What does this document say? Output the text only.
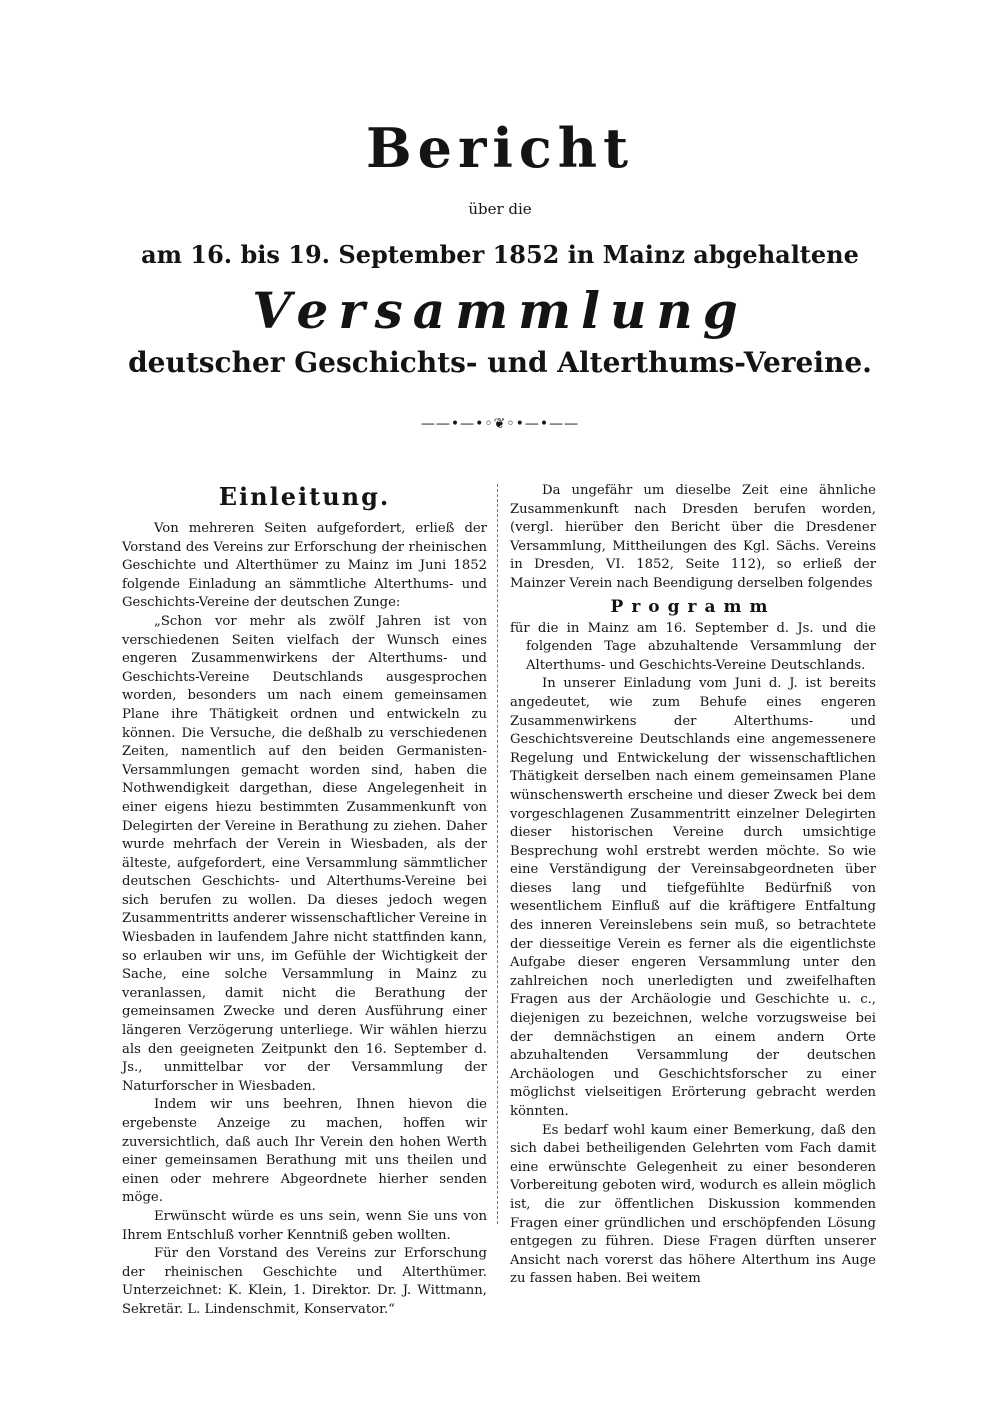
Bericht
über die
am 16. bis 19. September 1852 in Mainz abgehaltene
Versammlung
deutscher Geschichts- und Alterthums-Vereine.
——•—•◦❦◦•—•——

Einleitung.

Von mehreren Seiten aufgefordert, erließ der Vorstand des Vereins zur Erforschung der rheinischen Geschichte und Alterthümer zu Mainz im Juni 1852 folgende Einladung an sämmtliche Alterthums- und Geschichts-Vereine der deutschen Zunge:

„Schon vor mehr als zwölf Jahren ist von verschiedenen Seiten vielfach der Wunsch eines engeren Zusammenwirkens der Alterthums- und Geschichts-Vereine Deutschlands ausgesprochen worden, besonders um nach einem gemeinsamen Plane ihre Thätigkeit ordnen und entwickeln zu können. Die Versuche, die deßhalb zu verschiedenen Zeiten, namentlich auf den beiden Germanisten-Versammlungen gemacht worden sind, haben die Nothwendigkeit dargethan, diese Angelegenheit in einer eigens hiezu bestimmten Zusammenkunft von Delegirten der Vereine in Berathung zu ziehen. Daher wurde mehrfach der Verein in Wiesbaden, als der älteste, aufgefordert, eine Versammlung sämmtlicher deutschen Geschichts- und Alterthums-Vereine bei sich berufen zu wollen. Da dieses jedoch wegen Zusammentritts anderer wissenschaftlicher Vereine in Wiesbaden in laufendem Jahre nicht stattfinden kann, so erlauben wir uns, im Gefühle der Wichtigkeit der Sache, eine solche Versammlung in Mainz zu veranlassen, damit nicht die Berathung der gemeinsamen Zwecke und deren Ausführung einer längeren Verzögerung unterliege. Wir wählen hierzu als den geeigneten Zeitpunkt den 16. September d. Js., unmittelbar vor der Versammlung der Naturforscher in Wiesbaden.

Indem wir uns beehren, Ihnen hievon die ergebenste Anzeige zu machen, hoffen wir zuversichtlich, daß auch Ihr Verein den hohen Werth einer gemeinsamen Berathung mit uns theilen und einen oder mehrere Abgeordnete hierher senden möge.

Erwünscht würde es uns sein, wenn Sie uns von Ihrem Entschluß vorher Kenntniß geben wollten.

Für den Vorstand des Vereins zur Erforschung der rheinischen Geschichte und Alterthümer. Unterzeichnet: K. Klein, 1. Direktor. Dr. J. Wittmann, Sekretär. L. Lindenschmit, Konservator.“

Da ungefähr um dieselbe Zeit eine ähnliche Zusammenkunft nach Dresden berufen worden, (vergl. hierüber den Bericht über die Dresdener Versammlung, Mittheilungen des Kgl. Sächs. Vereins in Dresden, VI. 1852, Seite 112), so erließ der Mainzer Verein nach Beendigung derselben folgendes

Programm

für die in Mainz am 16. September d. Js. und die folgenden Tage abzuhaltende Versammlung der Alterthums- und Geschichts-Vereine Deutschlands.

In unserer Einladung vom Juni d. J. ist bereits angedeutet, wie zum Behufe eines engeren Zusammenwirkens der Alterthums- und Geschichtsvereine Deutschlands eine angemessenere Regelung und Entwickelung der wissenschaftlichen Thätigkeit derselben nach einem gemeinsamen Plane wünschenswerth erscheine und dieser Zweck bei dem vorgeschlagenen Zusammentritt einzelner Delegirten dieser historischen Vereine durch umsichtige Besprechung wohl erstrebt werden möchte. So wie eine Verständigung der Vereinsabgeordneten über dieses lang und tiefgefühlte Bedürfniß von wesentlichem Einfluß auf die kräftigere Entfaltung des inneren Vereinslebens sein muß, so betrachtete der diesseitige Verein es ferner als die eigentlichste Aufgabe dieser engeren Versammlung unter den zahlreichen noch unerledigten und zweifelhaften Fragen aus der Archäologie und Geschichte u. c., diejenigen zu bezeichnen, welche vorzugsweise bei der demnächstigen an einem andern Orte abzuhaltenden Versammlung der deutschen Archäologen und Geschichtsforscher zu einer möglichst vielseitigen Erörterung gebracht werden könnten.

Es bedarf wohl kaum einer Bemerkung, daß den sich dabei betheiligenden Gelehrten vom Fach damit eine erwünschte Gelegenheit zu einer besonderen Vorbereitung geboten wird, wodurch es allein möglich ist, die zur öffentlichen Diskussion kommenden Fragen einer gründlichen und erschöpfenden Lösung entgegen zu führen. Diese Fragen dürften unserer Ansicht nach vorerst das höhere Alterthum ins Auge zu fassen haben. Bei weitem
